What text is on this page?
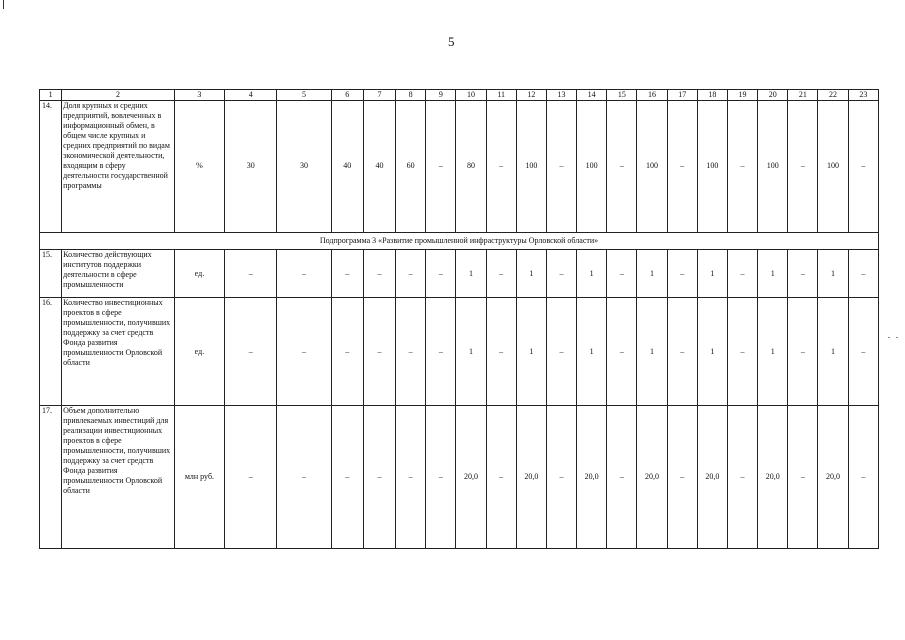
5
1	2	3	4	5	6	7	8	9	10	11	12	13	14	15	16	17	18	19	20	21	22	23
14.	Доля крупных и средних предприятий, вовлеченных в информационный обмен, в общем числе крупных и средних предприятий по видам экономической деятельности, входящим в сферу деятельности государственной программы	%	30	30	40	40	60	–	80	–	100	–	100	–	100	–	100	–	100	–	100	–
Подпрограмма 3 «Развитие промышленной инфраструктуры Орловской области»																						
15.	Количество действующих институтов поддержки деятельности в сфере промышленности	ед.	–	–	–	–	–	–	1	–	1	–	1	–	1	–	1	–	1	–	1	–
16.	Количество инвестиционных проектов в сфере промышленности, получивших поддержку за счет средств Фонда развития промышленности Орловской области	ед.	–	–	–	–	–	–	1	–	1	–	1	–	1	–	1	–	1	–	1	–
17.	Объем дополнительно привлекаемых инвестиций для реализации инвестиционных проектов в сфере промышленности, получивших поддержку за счет средств Фонда развития промышленности Орловской области	млн руб.	–	–	–	–	–	–	20,0	–	20,0	–	20,0	–	20,0	–	20,0	–	20,0	–	20,0	–
